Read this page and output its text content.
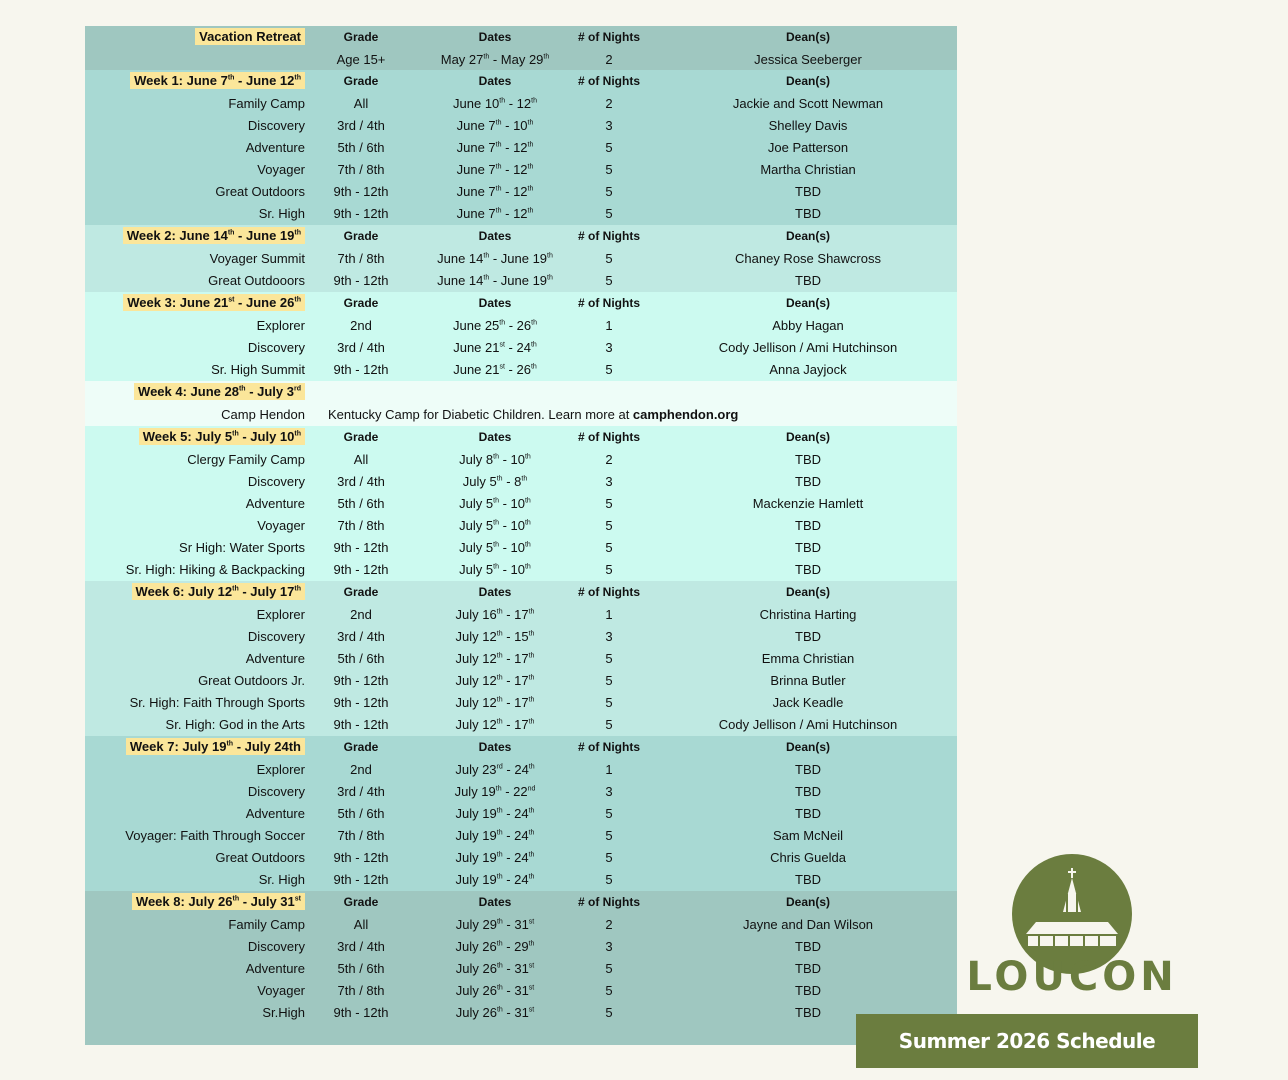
Vacation Retreat	Grade	Dates	# of Nights	Dean(s)
Age 15+	May 27th - May 29th	2	Jessica Seeberger
Week 1: June 7th - June 12th	Grade	Dates	# of Nights	Dean(s)
Family Camp	All	June 10th - 12th	2	Jackie and Scott Newman
Discovery 3rd / 4th	June 7th - 10th	3	Shelley Davis
Adventure	5th / 6th	June 7th - 12th	5	Joe Patterson
Voyager	7th / 8th	June 7th - 12th	5	Martha Christian
Great Outdoors 9th - 12th	June 7th - 12th	5	TBD
Sr. High 9th - 12th	June 7th - 12th	5	TBD
Week 2: June 14th - June 19th	Grade	Dates	# of Nights	Dean(s)
Voyager Summit	7th / 8th	June 14th - June 19th	5	Chaney Rose Shawcross
Great Outdooors 9th - 12th	June 14th - June 19th	5	TBD
Week 3: June 21st - June 26th	Grade	Dates	# of Nights	Dean(s)
Explorer	2nd	June 25th - 26th	1	Abby Hagan
Discovery 3rd / 4th	June 21st - 24th	3	Cody Jellison / Ami Hutchinson
Sr. High Summit 9th - 12th	June 21st - 26th	5	Anna Jayjock
Week 4: June 28th - July 3rd
Camp Hendon Kentucky Camp for Diabetic Children. Learn more at camphendon.org
Week 5: July 5th - July 10th	Grade	Dates	# of Nights	Dean(s)
Clergy Family Camp	All	July 8th - 10th	2	TBD
Discovery 3rd / 4th	July 5th - 8th	3	TBD
Adventure	5th / 6th	July 5th - 10th	5	Mackenzie Hamlett
Voyager	7th / 8th	July 5th - 10th	5	TBD
Sr High: Water Sports 9th - 12th	July 5th - 10th	5	TBD
Sr. High: Hiking & Backpacking 9th - 12th	July 5th - 10th	5	TBD
Week 6: July 12th - July 17th	Grade	Dates	# of Nights	Dean(s)
Explorer	2nd	July 16th - 17th	1	Christina Harting
Discovery 3rd / 4th	July 12th - 15th	3	TBD
Adventure	5th / 6th	July 12th - 17th	5	Emma Christian
Great Outdoors Jr. 9th - 12th	July 12th - 17th	5	Brinna Butler
Sr. High: Faith Through Sports 9th - 12th	July 12th - 17th	5	Jack Keadle
Sr. High: God in the Arts 9th - 12th	July 12th - 17th	5	Cody Jellison / Ami Hutchinson
Week 7: July 19th - July 24th	Grade	Dates	# of Nights	Dean(s)
Explorer	2nd	July 23rd - 24th	1	TBD
Discovery 3rd / 4th	July 19th - 22nd	3	TBD
Adventure	5th / 6th	July 19th - 24th	5	TBD
Voyager: Faith Through Soccer	7th / 8th	July 19th - 24th	5	Sam McNeil
Great Outdoors 9th - 12th	July 19th - 24th	5	Chris Guelda
Sr. High 9th - 12th	July 19th - 24th	5	TBD
Week 8: July 26th - July 31st	Grade	Dates	# of Nights	Dean(s)
Family Camp	All	July 29th - 31st	2	Jayne and Dan Wilson
Discovery 3rd / 4th	July 26th - 29th	3	TBD
Adventure	5th / 6th	July 26th - 31st	5	TBD
Voyager	7th / 8th	July 26th - 31st	5	TBD
Sr.High 9th - 12th	July 26th - 31st	5	TBD
LOUCON
Summer 2026 Schedule
